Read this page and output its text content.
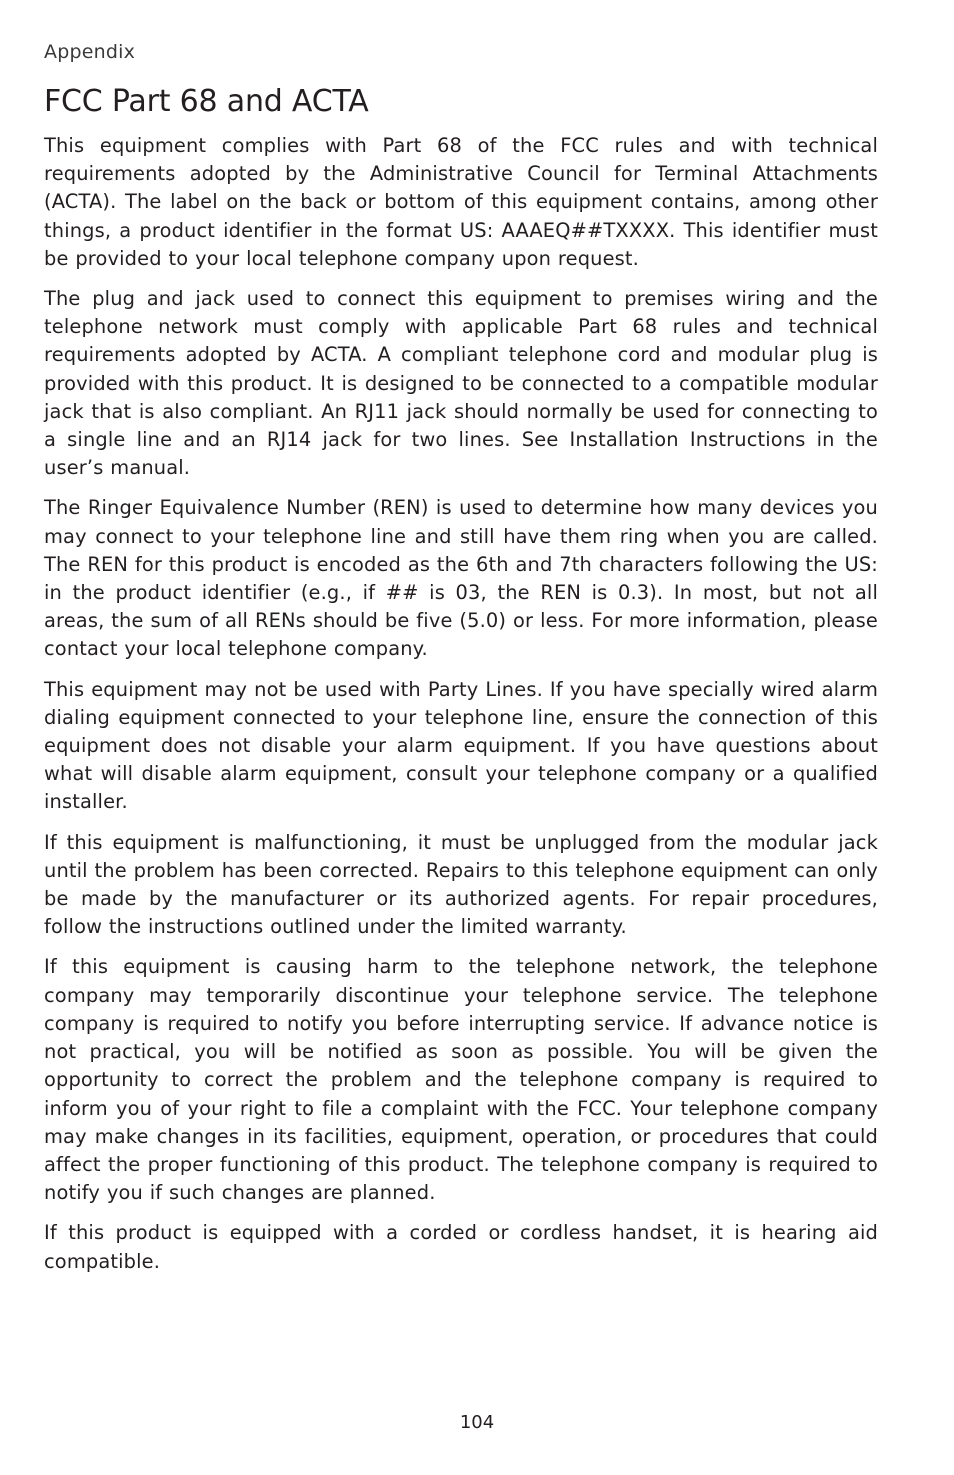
Appendix
FCC Part 68 and ACTA

This equipment complies with Part 68 of the FCC rules and with technical requirements adopted by the Administrative Council for Terminal Attachments (ACTA). The label on the back or bottom of this equipment contains, among other things, a product identifier in the format US: AAAEQ##TXXXX. This identifier must be provided to your local telephone company upon request.

The plug and jack used to connect this equipment to premises wiring and the telephone network must comply with applicable Part 68 rules and technical requirements adopted by ACTA. A compliant telephone cord and modular plug is provided with this product. It is designed to be connected to a compatible modular jack that is also compliant. An RJ11 jack should normally be used for connecting to a single line and an RJ14 jack for two lines. See Installation Instructions in the user’s manual.

The Ringer Equivalence Number (REN) is used to determine how many devices you may connect to your telephone line and still have them ring when you are called. The REN for this product is encoded as the 6th and 7th characters following the US: in the product identifier (e.g., if ## is 03, the REN is 0.3). In most, but not all areas, the sum of all RENs should be five (5.0) or less. For more information, please contact your local telephone company.

This equipment may not be used with Party Lines. If you have specially wired alarm dialing equipment connected to your telephone line, ensure the connection of this equipment does not disable your alarm equipment. If you have questions about what will disable alarm equipment, consult your telephone company or a qualified installer.

If this equipment is malfunctioning, it must be unplugged from the modular jack until the problem has been corrected. Repairs to this telephone equipment can only be made by the manufacturer or its authorized agents. For repair procedures, follow the instructions outlined under the limited warranty.

If this equipment is causing harm to the telephone network, the telephone company may temporarily discontinue your telephone service. The telephone company is required to notify you before interrupting service. If advance notice is not practical, you will be notified as soon as possible. You will be given the opportunity to correct the problem and the telephone company is required to inform you of your right to file a complaint with the FCC. Your telephone company may make changes in its facilities, equipment, operation, or procedures that could affect the proper functioning of this product. The telephone company is required to notify you if such changes are planned.

If this product is equipped with a corded or cordless handset, it is hearing aid compatible.

104
